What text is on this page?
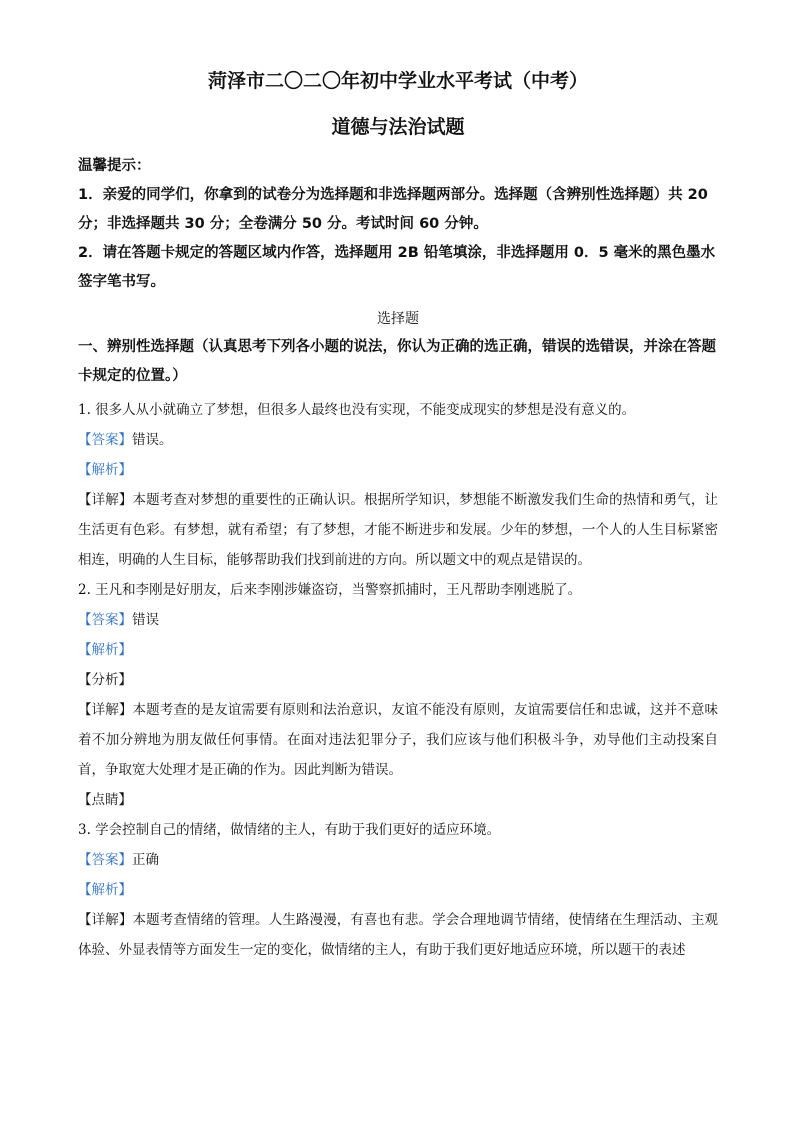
菏泽市二〇二〇年初中学业水平考试（中考）
道德与法治试题

温馨提示：

1．亲爱的同学们，你拿到的试卷分为选择题和非选择题两部分。选择题（含辨别性选择题）共 20 分；非选择题共 30 分；全卷满分 50 分。考试时间 60 分钟。

2．请在答题卡规定的答题区域内作答，选择题用 2B 铅笔填涂，非选择题用 0．5 毫米的黑色墨水签字笔书写。

选择题

一、辨别性选择题（认真思考下列各小题的说法，你认为正确的选正确，错误的选错误，并涂在答题卡规定的位置。）

1. 很多人从小就确立了梦想，但很多人最终也没有实现，不能变成现实的梦想是没有意义的。

【答案】错误。

【解析】

【详解】本题考查对梦想的重要性的正确认识。根据所学知识，梦想能不断激发我们生命的热情和勇气，让生活更有色彩。有梦想，就有希望；有了梦想，才能不断进步和发展。少年的梦想，一个人的人生目标紧密相连，明确的人生目标，能够帮助我们找到前进的方向。所以题文中的观点是错误的。

2. 王凡和李刚是好朋友，后来李刚涉嫌盗窃，当警察抓捕时，王凡帮助李刚逃脱了。

【答案】错误

【解析】

【分析】

【详解】本题考查的是友谊需要有原则和法治意识，友谊不能没有原则，友谊需要信任和忠诚，这并不意味着不加分辨地为朋友做任何事情。在面对违法犯罪分子，我们应该与他们积极斗争，劝导他们主动投案自首，争取宽大处理才是正确的作为。因此判断为错误。

【点睛】

3. 学会控制自己的情绪，做情绪的主人，有助于我们更好的适应环境。

【答案】正确

【解析】

【详解】本题考查情绪的管理。人生路漫漫，有喜也有悲。学会合理地调节情绪，使情绪在生理活动、主观体验、外显表情等方面发生一定的变化，做情绪的主人，有助于我们更好地适应环境，所以题干的表述
